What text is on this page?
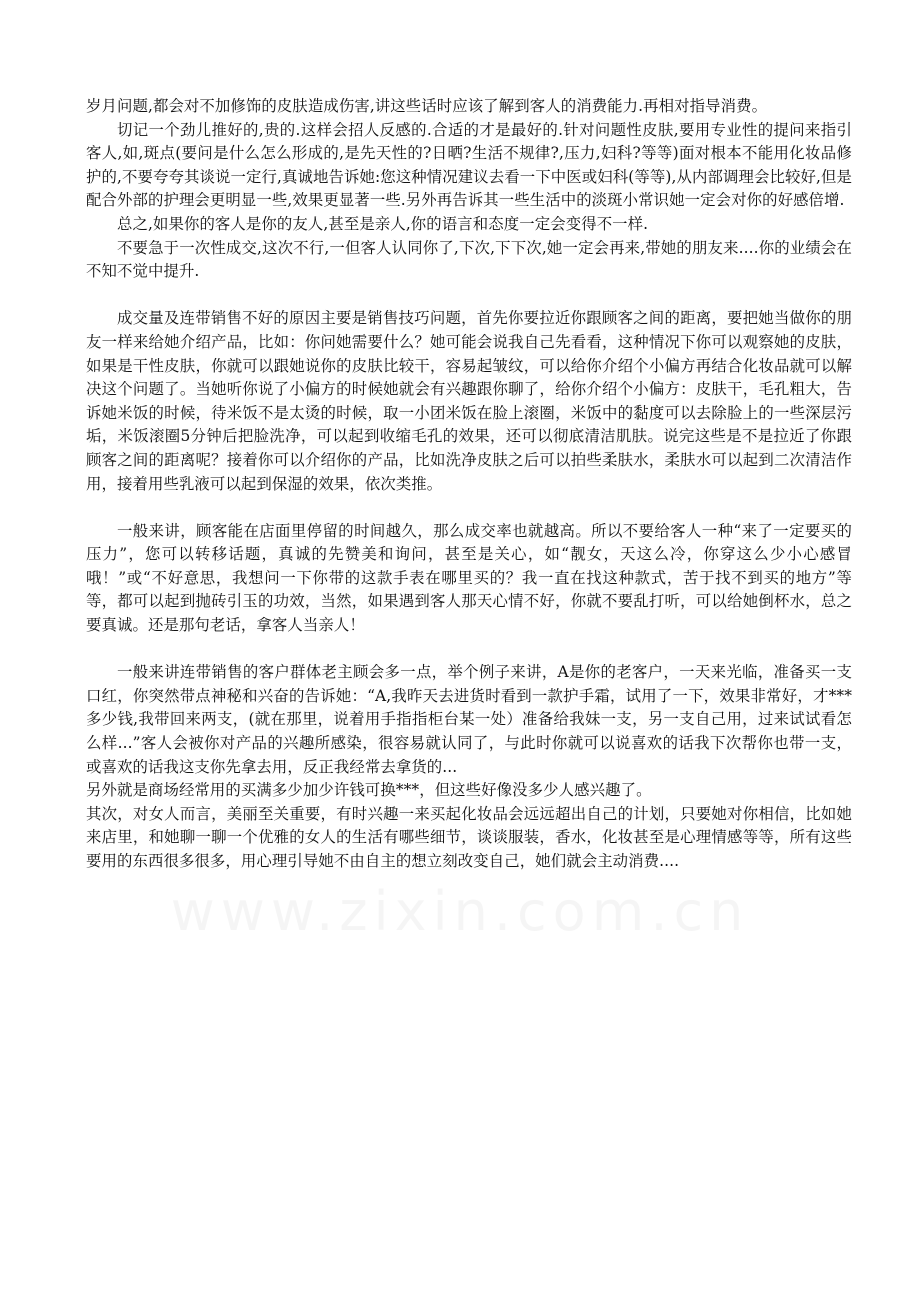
岁月问题,都会对不加修饰的皮肤造成伤害,讲这些话时应该了解到客人的消费能力.再相对指导消费。

切记一个劲儿推好的,贵的.这样会招人反感的.合适的才是最好的.针对问题性皮肤,要用专业性的提问来指引客人,如,斑点(要问是什么怎么形成的,是先天性的?日晒?生活不规律?,压力,妇科?等等)面对根本不能用化妆品修护的,不要夸夸其谈说一定行,真诚地告诉她:您这种情况建议去看一下中医或妇科(等等),从内部调理会比较好,但是配合外部的护理会更明显一些,效果更显著一些.另外再告诉其一些生活中的淡斑小常识她一定会对你的好感倍增.

总之,如果你的客人是你的友人,甚至是亲人,你的语言和态度一定会变得不一样.

不要急于一次性成交,这次不行,一但客人认同你了,下次,下下次,她一定会再来,带她的朋友来....你的业绩会在不知不觉中提升.

成交量及连带销售不好的原因主要是销售技巧问题，首先你要拉近你跟顾客之间的距离，要把她当做你的朋友一样来给她介绍产品，比如：你问她需要什么？她可能会说我自己先看看，这种情况下你可以观察她的皮肤，如果是干性皮肤，你就可以跟她说你的皮肤比较干，容易起皱纹，可以给你介绍个小偏方再结合化妆品就可以解决这个问题了。当她听你说了小偏方的时候她就会有兴趣跟你聊了，给你介绍个小偏方：皮肤干，毛孔粗大，告诉她米饭的时候，待米饭不是太烫的时候，取一小团米饭在脸上滚圈，米饭中的黏度可以去除脸上的一些深层污垢，米饭滚圈5分钟后把脸洗净，可以起到收缩毛孔的效果，还可以彻底清洁肌肤。说完这些是不是拉近了你跟顾客之间的距离呢？接着你可以介绍你的产品，比如洗净皮肤之后可以拍些柔肤水，柔肤水可以起到二次清洁作用，接着用些乳液可以起到保湿的效果，依次类推。

一般来讲，顾客能在店面里停留的时间越久，那么成交率也就越高。所以不要给客人一种“来了一定要买的压力”，您可以转移话题，真诚的先赞美和询问，甚至是关心，如“靓女，天这么冷，你穿这么少小心感冒哦！”或“不好意思，我想问一下你带的这款手表在哪里买的？我一直在找这种款式，苦于找不到买的地方”等等，都可以起到抛砖引玉的功效，当然，如果遇到客人那天心情不好，你就不要乱打听，可以给她倒杯水，总之要真诚。还是那句老话，拿客人当亲人！

一般来讲连带销售的客户群体老主顾会多一点，举个例子来讲，A是你的老客户，一天来光临，准备买一支口红，你突然带点神秘和兴奋的告诉她：“A,我昨天去进货时看到一款护手霜，试用了一下，效果非常好，才***多少钱,我带回来两支，(就在那里，说着用手指指柜台某一处）准备给我妹一支，另一支自己用，过来试试看怎么样...”客人会被你对产品的兴趣所感染，很容易就认同了，与此时你就可以说喜欢的话我下次帮你也带一支，或喜欢的话我这支你先拿去用，反正我经常去拿货的...

另外就是商场经常用的买满多少加少许钱可换***，但这些好像没多少人感兴趣了。

其次，对女人而言，美丽至关重要，有时兴趣一来买起化妆品会远远超出自己的计划，只要她对你相信，比如她来店里，和她聊一聊一个优雅的女人的生活有哪些细节，谈谈服装，香水，化妆甚至是心理情感等等，所有这些要用的东西很多很多，用心理引导她不由自主的想立刻改变自己，她们就会主动消费....
